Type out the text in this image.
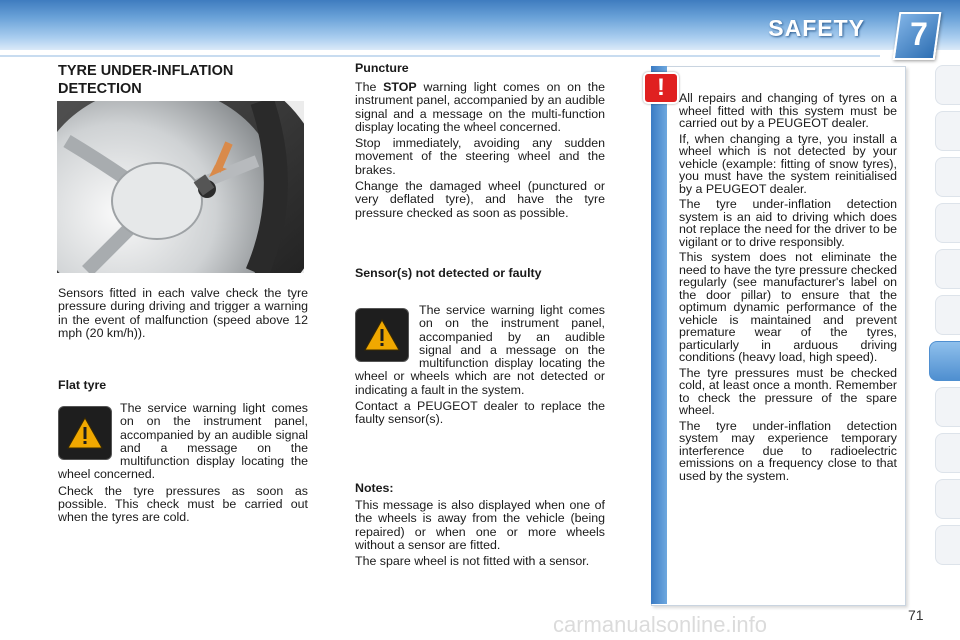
SAFETY	7
TYRE UNDER-INFLATION DETECTION
Sensors fitted in each valve check the tyre pressure during driving and trigger a warning in the event of malfunction (speed above 12 mph (20 km/h)).
Flat tyre

The service warning light comes on on the instrument panel, accompanied by an audible signal and a message on the multifunction display locating the wheel concerned.

Check the tyre pressures as soon as possible. This check must be carried out when the tyres are cold.

Puncture

The STOP warning light comes on on the instrument panel, accompanied by an audible signal and a message on the multi-function display locating the wheel concerned.

Stop immediately, avoiding any sudden movement of the steering wheel and the brakes.

Change the damaged wheel (punctured or very deflated tyre), and have the tyre pressure checked as soon as possible.

Sensor(s) not detected or faulty

The service warning light comes on on the instrument panel, accompanied by an audible signal and a message on the multifunction display locating the wheel or wheels which are not detected or indicating a fault in the system.

Contact a PEUGEOT dealer to replace the faulty sensor(s).

Notes:

This message is also displayed when one of the wheels is away from the vehicle (being repaired) or when one or more wheels without a sensor are fitted.

The spare wheel is not fitted with a sensor.

!	All repairs and changing of tyres on a wheel fitted with this system must be carried out by a PEUGEOT dealer.

If, when changing a tyre, you install a wheel which is not detected by your vehicle (example: fitting of snow tyres), you must have the system reinitialised by a PEUGEOT dealer.

The tyre under-inflation detection system is an aid to driving which does not replace the need for the driver to be vigilant or to drive responsibly.

This system does not eliminate the need to have the tyre pressure checked regularly (see manufacturer's label on the door pillar) to ensure that the optimum dynamic performance of the vehicle is maintained and prevent premature wear of the tyres, particularly in arduous driving conditions (heavy load, high speed).

The tyre pressures must be checked cold, at least once a month. Remember to check the pressure of the spare wheel.

The tyre under-inflation detection system may experience temporary interference due to radioelectric emissions on a frequency close to that used by the system.

carmanualsonline.info	71
